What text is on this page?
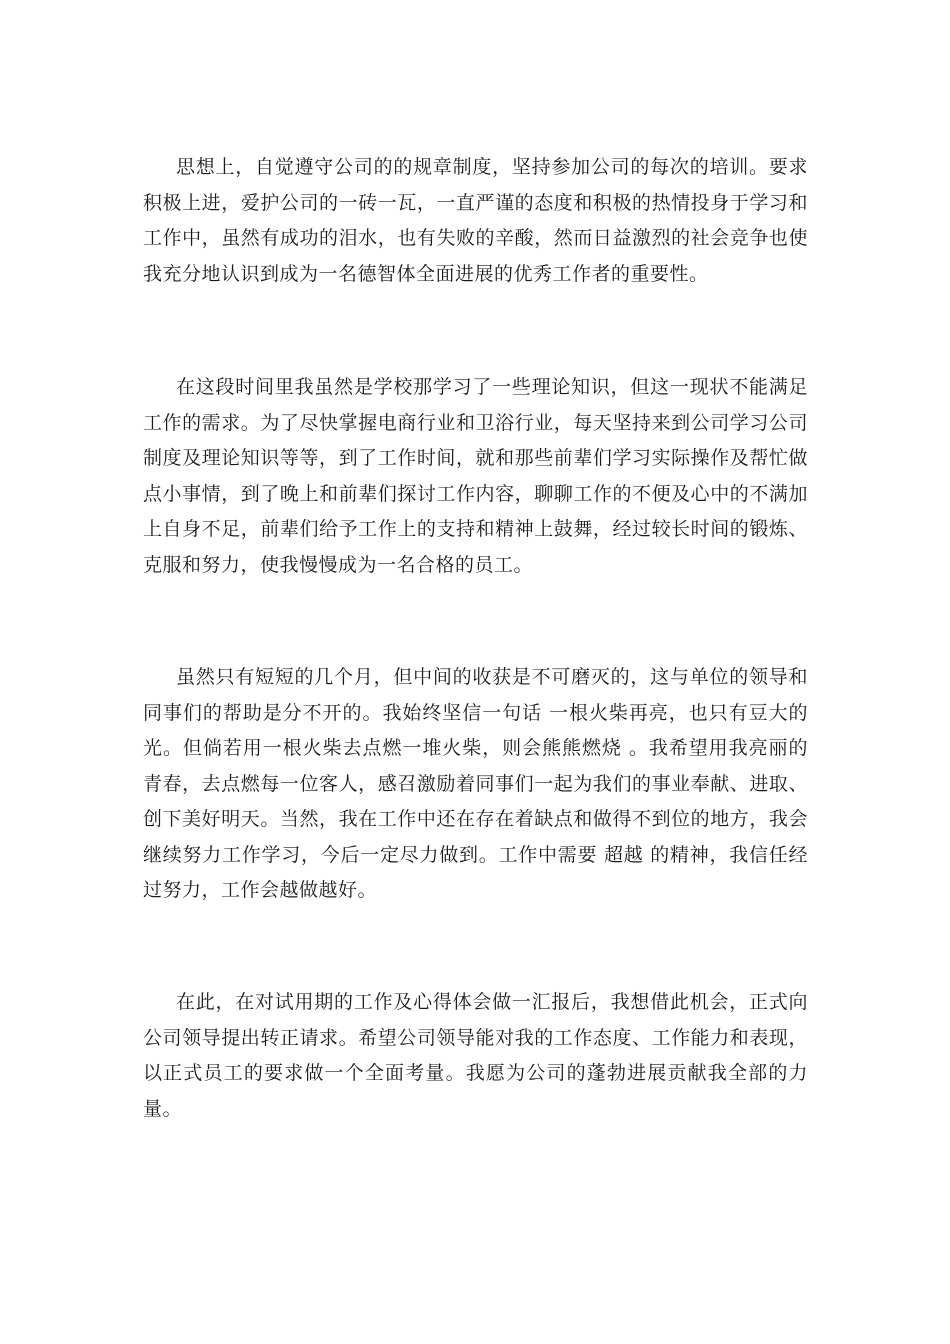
思想上，自觉遵守公司的的规章制度，坚持参加公司的每次的培训。要求积极上进，爱护公司的一砖一瓦，一直严谨的态度和积极的热情投身于学习和工作中，虽然有成功的泪水，也有失败的辛酸，然而日益激烈的社会竞争也使我充分地认识到成为一名德智体全面进展的优秀工作者的重要性。

在这段时间里我虽然是学校那学习了一些理论知识，但这一现状不能满足工作的需求。为了尽快掌握电商行业和卫浴行业，每天坚持来到公司学习公司制度及理论知识等等，到了工作时间，就和那些前辈们学习实际操作及帮忙做点小事情，到了晚上和前辈们探讨工作内容，聊聊工作的不便及心中的不满加上自身不足，前辈们给予工作上的支持和精神上鼓舞，经过较长时间的锻炼、克服和努力，使我慢慢成为一名合格的员工。

虽然只有短短的几个月，但中间的收获是不可磨灭的，这与单位的领导和同事们的帮助是分不开的。我始终坚信一句话 一根火柴再亮，也只有豆大的光。但倘若用一根火柴去点燃一堆火柴，则会熊熊燃烧 。我希望用我亮丽的青春，去点燃每一位客人，感召激励着同事们一起为我们的事业奉献、进取、创下美好明天。当然，我在工作中还在存在着缺点和做得不到位的地方，我会继续努力工作学习，今后一定尽力做到。工作中需要 超越 的精神，我信任经过努力，工作会越做越好。

在此，在对试用期的工作及心得体会做一汇报后，我想借此机会，正式向公司领导提出转正请求。希望公司领导能对我的工作态度、工作能力和表现，以正式员工的要求做一个全面考量。我愿为公司的蓬勃进展贡献我全部的力量。
